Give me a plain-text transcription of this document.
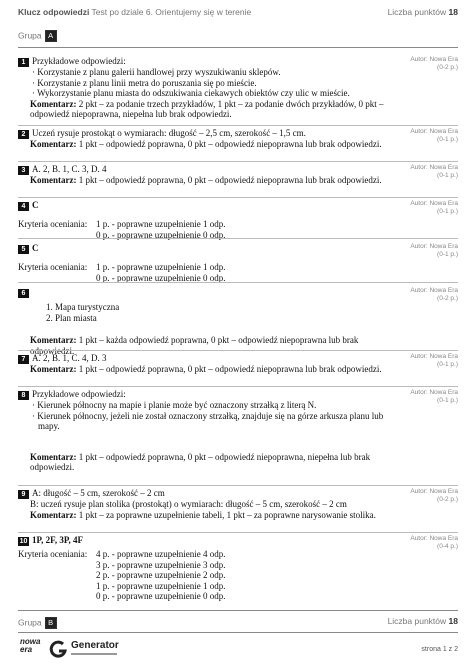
Klucz odpowiedzi Test po dziale 6. Orientujemy się w terenie	Liczba punktów 18
Grupa A
1 Przykładowe odpowiedzi:
· Korzystanie z planu galerii handlowej przy wyszukiwaniu sklepów.
· Korzystanie z planu linii metra do poruszania się po mieście.
· Wykorzystanie planu miasta do odszukiwania ciekawych obiektów czy ulic w mieście.
Komentarz: 2 pkt – za podanie trzech przykładów, 1 pkt – za podanie dwóch przykładów, 0 pkt – odpowiedź niepoprawna, niepełna lub brak odpowiedzi.
Autor: Nowa Era
(0-2 p.)
2 Uczeń rysuje prostokąt o wymiarach: długość – 2,5 cm, szerokość – 1,5 cm.
Komentarz: 1 pkt – odpowiedź poprawna, 0 pkt – odpowiedź niepoprawna lub brak odpowiedzi.
Autor: Nowa Era
(0-1 p.)
3 A. 2, B. 1, C. 3, D. 4
Komentarz: 1 pkt – odpowiedź poprawna, 0 pkt – odpowiedź niepoprawna lub brak odpowiedzi.
Autor: Nowa Era
(0-1 p.)
4 C
Kryteria oceniania: 1 p. - poprawne uzupełnienie 1 odp.
0 p. - poprawne uzupełnienie 0 odp.
Autor: Nowa Era
(0-1 p.)
5 C
Kryteria oceniania: 1 p. - poprawne uzupełnienie 1 odp.
0 p. - poprawne uzupełnienie 0 odp.
Autor: Nowa Era
(0-1 p.)
6
1. Mapa turystyczna
2. Plan miasta
Komentarz: 1 pkt – każda odpowiedź poprawna, 0 pkt – odpowiedź niepoprawna lub brak odpowiedzi.
Autor: Nowa Era
(0-2 p.)
7 A. 2, B. 1, C. 4, D. 3
Komentarz: 1 pkt – odpowiedź poprawna, 0 pkt – odpowiedź niepoprawna lub brak odpowiedzi.
Autor: Nowa Era
(0-1 p.)
8 Przykładowe odpowiedzi:
· Kierunek północny na mapie i planie może być oznaczony strzałką z literą N.
· Kierunek północny, jeżeli nie został oznaczony strzałką, znajduje się na górze arkusza planu lub mapy.
Komentarz: 1 pkt – odpowiedź poprawna, 0 pkt – odpowiedź niepoprawna, niepełna lub brak odpowiedzi.
Autor: Nowa Era
(0-1 p.)
9 A: długość – 5 cm, szerokość – 2 cm
B: uczeń rysuje plan stolika (prostokąt) o wymiarach: długość – 5 cm, szerokość – 2 cm
Komentarz: 1 pkt – za poprawne uzupełnienie tabeli, 1 pkt – za poprawne narysowanie stolika.
Autor: Nowa Era
(0-2 p.)
10 1P, 2F, 3P, 4F
Kryteria oceniania: 4 p. - poprawne uzupełnienie 4 odp.
3 p. - poprawne uzupełnienie 3 odp.
2 p. - poprawne uzupełnienie 2 odp.
1 p. - poprawne uzupełnienie 1 odp.
0 p. - poprawne uzupełnienie 0 odp.
Autor: Nowa Era
(0-4 p.)
Grupa B	Liczba punktów 18
nowa era	Generator	strona 1 z 2
